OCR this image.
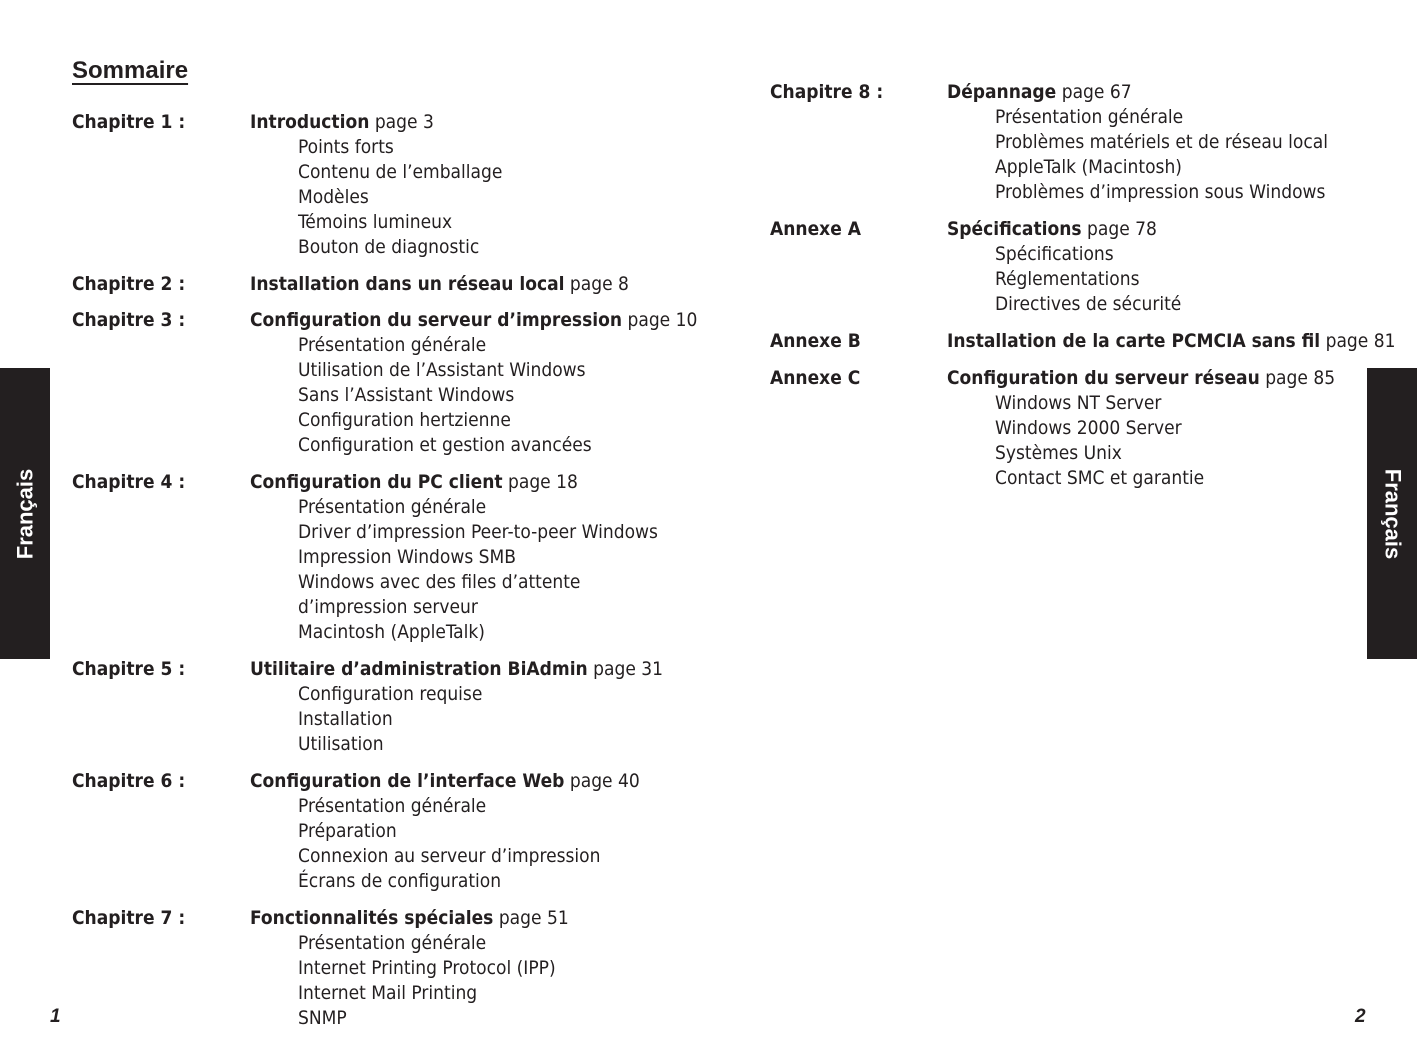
Sommaire
Français	Français
Chapitre 1 :	Introduction page 3
Points forts
Contenu de l’emballage
Modèles
Témoins lumineux
Bouton de diagnostic
Chapitre 2 :	Installation dans un réseau local page 8
Chapitre 3 :	Configuration du serveur d’impression page 10
Présentation générale
Utilisation de l’Assistant Windows
Sans l’Assistant Windows
Configuration hertzienne
Configuration et gestion avancées
Chapitre 4 :	Configuration du PC client page 18
Présentation générale
Driver d’impression Peer-to-peer Windows
Impression Windows SMB
Windows avec des files d’attente
d’impression serveur
Macintosh (AppleTalk)
Chapitre 5 :	Utilitaire d’administration BiAdmin page 31
Configuration requise
Installation
Utilisation
Chapitre 6 :	Configuration de l’interface Web page 40
Présentation générale
Préparation
Connexion au serveur d’impression
Écrans de configuration
Chapitre 7 :	Fonctionnalités spéciales page 51
Présentation générale
Internet Printing Protocol (IPP)
Internet Mail Printing
SNMP
Chapitre 8 :	Dépannage page 67
Présentation générale
Problèmes matériels et de réseau local
AppleTalk (Macintosh)
Problèmes d’impression sous Windows
Annexe A	Spécifications page 78
Spécifications
Réglementations
Directives de sécurité
Annexe B	Installation de la carte PCMCIA sans fil page 81
Annexe C	Configuration du serveur réseau page 85
Windows NT Server
Windows 2000 Server
Systèmes Unix
Contact SMC et garantie
1	2
